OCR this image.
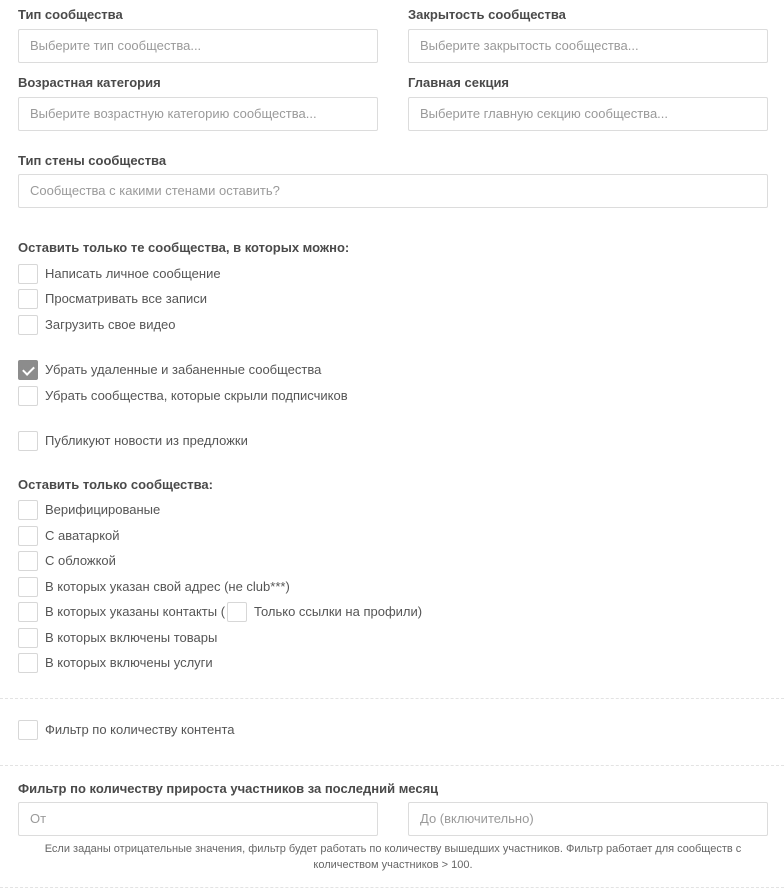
Тип сообщества
Выберите тип сообщества...
Закрытость сообщества
Выберите закрытость сообщества...
Возрастная категория
Выберите возрастную категорию сообщества...
Главная секция
Выберите главную секцию сообщества...
Тип стены сообщества
Сообщества с какими стенами оставить?
Оставить только те сообщества, в которых можно:
Написать личное сообщение
Просматривать все записи
Загрузить свое видео
Убрать удаленные и забаненные сообщества
Убрать сообщества, которые скрыли подписчиков
Публикуют новости из предложки
Оставить только сообщества:
Верифицированые
С аватаркой
С обложкой
В которых указан свой адрес (не club***)
В которых указаны контакты ( Только ссылки на профили)
В которых включены товары
В которых включены услуги
Фильтр по количеству контента
Фильтр по количеству прироста участников за последний месяц
От	До (включительно)
Если заданы отрицательные значения, фильтр будет работать по количеству вышедших участников. Фильтр работает для сообществ с количеством участников > 100.
